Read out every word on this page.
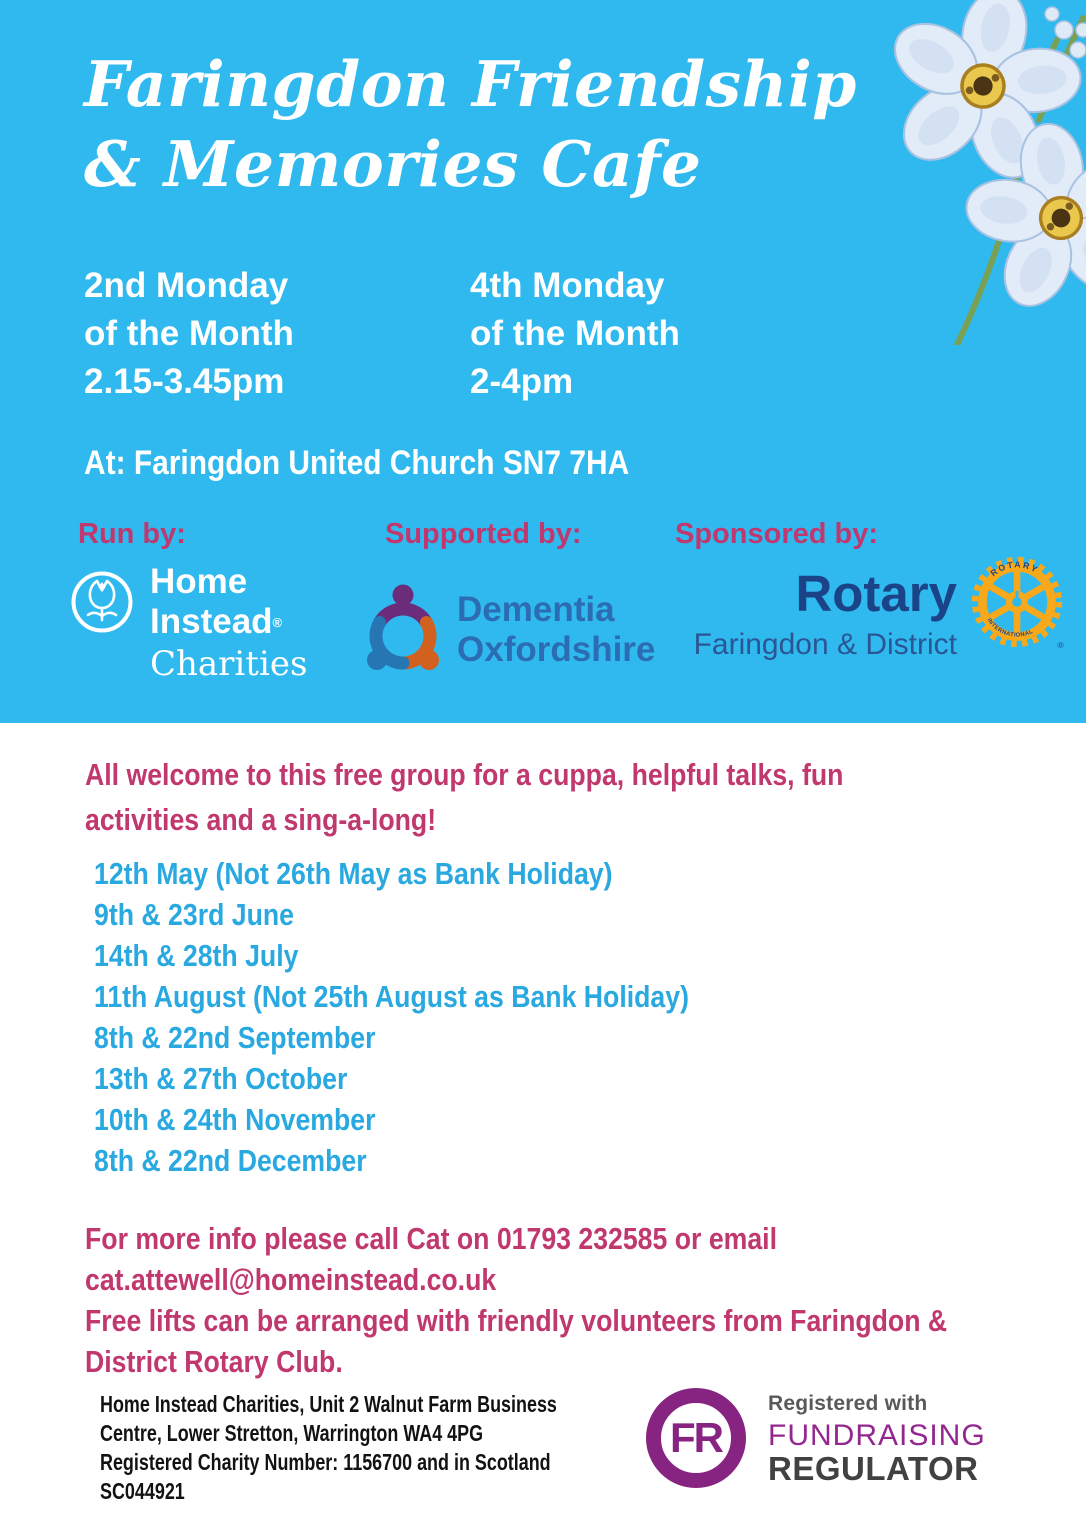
Faringdon Friendship
& Memories Cafe
2nd Monday
of the Month
2.15-3.45pm
4th Monday
of the Month
2-4pm
At: Faringdon United Church SN7 7HA
Run by:	Supported by:	Sponsored by:
Home
Instead®
Charities
Dementia
Oxfordshire
Rotary	ROTARY
INTERNATIONAL
®
Faringdon & District
All welcome to this free group for a cuppa, helpful talks, fun
activities and a sing-a-long!
12th May (Not 26th May as Bank Holiday)
9th & 23rd June
14th & 28th July
11th August (Not 25th August as Bank Holiday)
8th & 22nd September
13th & 27th October
10th & 24th November
8th & 22nd December
For more info please call Cat on 01793 232585 or email
cat.attewell@homeinstead.co.uk
Free lifts can be arranged with friendly volunteers from Faringdon &
District Rotary Club.
Home Instead Charities, Unit 2 Walnut Farm Business
Centre, Lower Stretton, Warrington WA4 4PG
Registered Charity Number: 1156700 and in Scotland
SC044921
FR
Registered with
FUNDRAISING
REGULATOR
